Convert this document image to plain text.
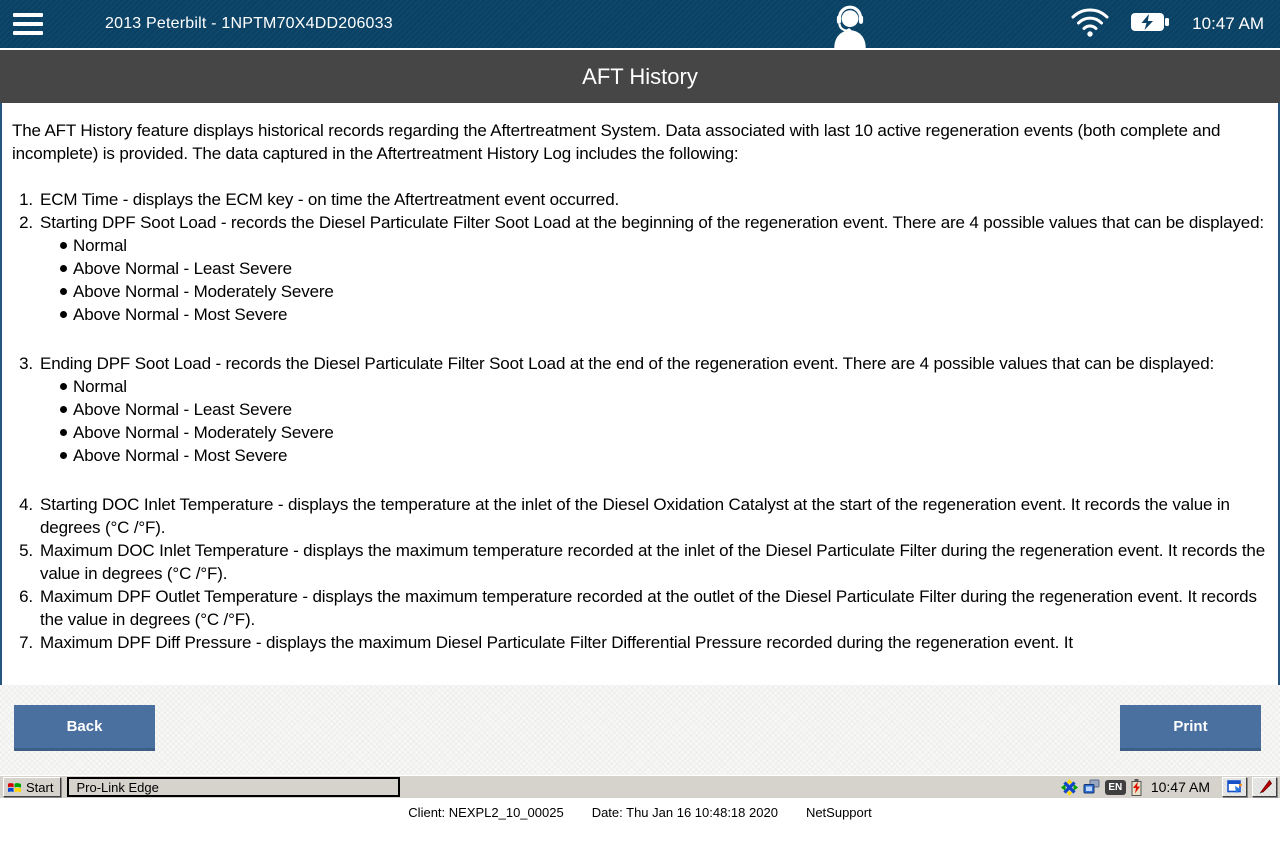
2013 Peterbilt - 1NPTM70X4DD206033	10:47 AM
AFT History

The AFT History feature displays historical records regarding the Aftertreatment System. Data associated with last 10 active regeneration events (both complete and incomplete) is provided. The data captured in the Aftertreatment History Log includes the following:

1. ECM Time - displays the ECM key - on time the Aftertreatment event occurred.
2. Starting DPF Soot Load - records the Diesel Particulate Filter Soot Load at the beginning of the regeneration event. There are 4 possible values that can be displayed:
Normal
Above Normal - Least Severe
Above Normal - Moderately Severe
Above Normal - Most Severe
3. Ending DPF Soot Load - records the Diesel Particulate Filter Soot Load at the end of the regeneration event. There are 4 possible values that can be displayed:
Normal
Above Normal - Least Severe
Above Normal - Moderately Severe
Above Normal - Most Severe
4. Starting DOC Inlet Temperature - displays the temperature at the inlet of the Diesel Oxidation Catalyst at the start of the regeneration event. It records the value in degrees (°C /°F).
5. Maximum DOC Inlet Temperature - displays the maximum temperature recorded at the inlet of the Diesel Particulate Filter during the regeneration event. It records the value in degrees (°C /°F).
6. Maximum DPF Outlet Temperature - displays the maximum temperature recorded at the outlet of the Diesel Particulate Filter during the regeneration event. It records the value in degrees (°C /°F).
7. Maximum DPF Diff Pressure - displays the maximum Diesel Particulate Filter Differential Pressure recorded during the regeneration event. It
Back	Print
Start	Pro-Link Edge	EN 10:47 AM
Client: NEXPL2_10_00025 Date: Thu Jan 16 10:48:18 2020 NetSupport
